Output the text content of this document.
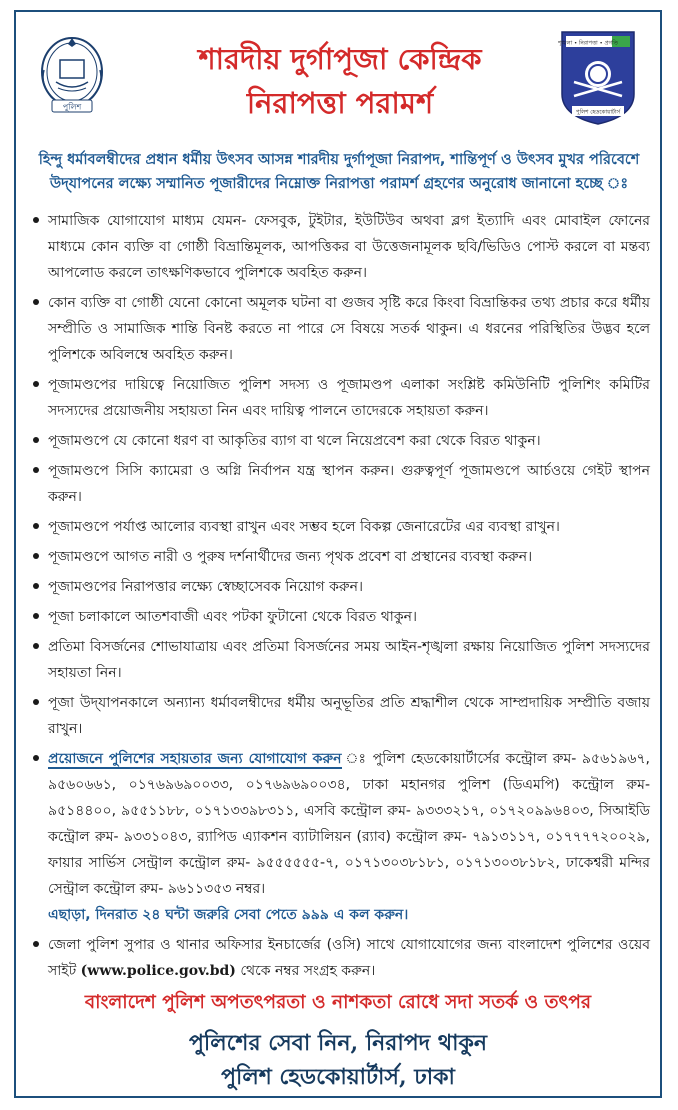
পুলিশ
শারদীয় দুর্গাপূজা কেন্দ্রিক
নিরাপত্তা পরামর্শ
শৃঙ্খলা • নিরাপত্তা • প্রগতি
পুলিশ হেডকোয়ার্টার্স
হিন্দু ধর্মাবলম্বীদের প্রধান ধর্মীয় উৎসব আসন্ন শারদীয় দুর্গাপূজা নিরাপদ, শান্তিপূর্ণ ও উৎসব মুখর পরিবেশে উদ্‌যাপনের লক্ষ্যে সম্মানিত পূজারীদের নিম্নোক্ত নিরাপত্তা পরামর্শ গ্রহণের অনুরোধ জানানো হচ্ছে ঃ
সামাজিক যোগাযোগ মাধ্যম যেমন- ফেসবুক, টুইটার, ইউটিউব অথবা ব্লগ ইত্যাদি এবং মোবাইল ফোনের মাধ্যমে কোন ব্যক্তি বা গোষ্ঠী বিভ্রান্তিমূলক, আপত্তিকর বা উত্তেজনামূলক ছবি/ভিডিও পোস্ট করলে বা মন্তব্য আপলোড করলে তাৎক্ষণিকভাবে পুলিশকে অবহিত করুন।
কোন ব্যক্তি বা গোষ্ঠী যেনো কোনো অমূলক ঘটনা বা গুজব সৃষ্টি করে কিংবা বিভ্রান্তিকর তথ্য প্রচার করে ধর্মীয় সম্প্রীতি ও সামাজিক শান্তি বিনষ্ট করতে না পারে সে বিষয়ে সতর্ক থাকুন। এ ধরনের পরিস্থিতির উদ্ভব হলে পুলিশকে অবিলম্বে অবহিত করুন।
পূজামণ্ডপের দায়িত্বে নিয়োজিত পুলিশ সদস্য ও পূজামণ্ডপ এলাকা সংশ্লিষ্ট কমিউনিটি পুলিশিং কমিটির সদস্যদের প্রয়োজনীয় সহায়তা নিন এবং দায়িত্ব পালনে তাদেরকে সহায়তা করুন।
পূজামণ্ডপে যে কোনো ধরণ বা আকৃতির ব্যাগ বা থলে নিয়েপ্রবেশ করা থেকে বিরত থাকুন।
পূজামণ্ডপে সিসি ক্যামেরা ও অগ্নি নির্বাপন যন্ত্র স্থাপন করুন। গুরুত্বপূর্ণ পূজামণ্ডপে আর্চওয়ে গেইট স্থাপন করুন।
পূজামণ্ডপে পর্যাপ্ত আলোর ব্যবস্থা রাখুন এবং সম্ভব হলে বিকল্প জেনারেটের এর ব্যবস্থা রাখুন।
পূজামণ্ডপে আগত নারী ও পুরুষ দর্শনার্থীদের জন্য পৃথক প্রবেশ বা প্রস্থানের ব্যবস্থা করুন।
পূজামণ্ডপের নিরাপত্তার লক্ষ্যে স্বেচ্ছাসেবক নিয়োগ করুন।
পূজা চলাকালে আতশবাজী এবং পটকা ফুটানো থেকে বিরত থাকুন।
প্রতিমা বিসর্জনের শোভাযাত্রায় এবং প্রতিমা বিসর্জনের সময় আইন-শৃঙ্খলা রক্ষায় নিয়োজিত পুলিশ সদস্যদের সহায়তা নিন।
পূজা উদ্‌যাপনকালে অন্যান্য ধর্মাবলম্বীদের ধর্মীয় অনুভূতির প্রতি শ্রদ্ধাশীল থেকে সাম্প্রদায়িক সম্প্রীতি বজায় রাখুন।
প্রয়োজনে পুলিশের সহায়তার জন্য যোগাযোগ করুন ঃ পুলিশ হেডকোয়ার্টার্সের কন্ট্রোল রুম- ৯৫৬১৯৬৭, ৯৫৬০৬৬১, ০১৭৬৯৬৯০০৩৩, ০১৭৬৯৬৯০০৩৪, ঢাকা মহানগর পুলিশ (ডিএমপি) কন্ট্রোল রুম- ৯৫১৪৪০০, ৯৫৫১১৮৮, ০১৭১৩৩৯৮৩১১, এসবি কন্ট্রোল রুম- ৯৩৩৩২১৭, ০১৭২০৯৯৬৪০৩, সিআইডি কন্ট্রোল রুম- ৯৩৩১০৪৩, র‌্যাপিড এ্যাকশন ব্যাটালিয়ন (র‌্যাব) কন্ট্রোল রুম- ৭৯১৩১১৭, ০১৭৭৭৭২০০২৯, ফায়ার সার্ভিস সেন্ট্রাল কন্ট্রোল রুম- ৯৫৫৫৫৫৫-৭, ০১৭১৩০৩৮১৮১, ০১৭১৩০৩৮১৮২, ঢাকেশ্বরী মন্দির সেন্ট্রাল কন্ট্রোল রুম- ৯৬১১৩৫৩ নম্বর।
এছাড়া, দিনরাত ২৪ ঘন্টা জরুরি সেবা পেতে ৯৯৯ এ কল করুন।
জেলা পুলিশ সুপার ও থানার অফিসার ইনচার্জের (ওসি) সাথে যোগাযোগের জন্য বাংলাদেশ পুলিশের ওয়েব সাইট (www.police.gov.bd) থেকে নম্বর সংগ্রহ করুন।
বাংলাদেশ পুলিশ অপতৎপরতা ও নাশকতা রোধে সদা সতর্ক ও তৎপর
পুলিশের সেবা নিন, নিরাপদ থাকুন
পুলিশ হেডকোয়ার্টার্স, ঢাকা
